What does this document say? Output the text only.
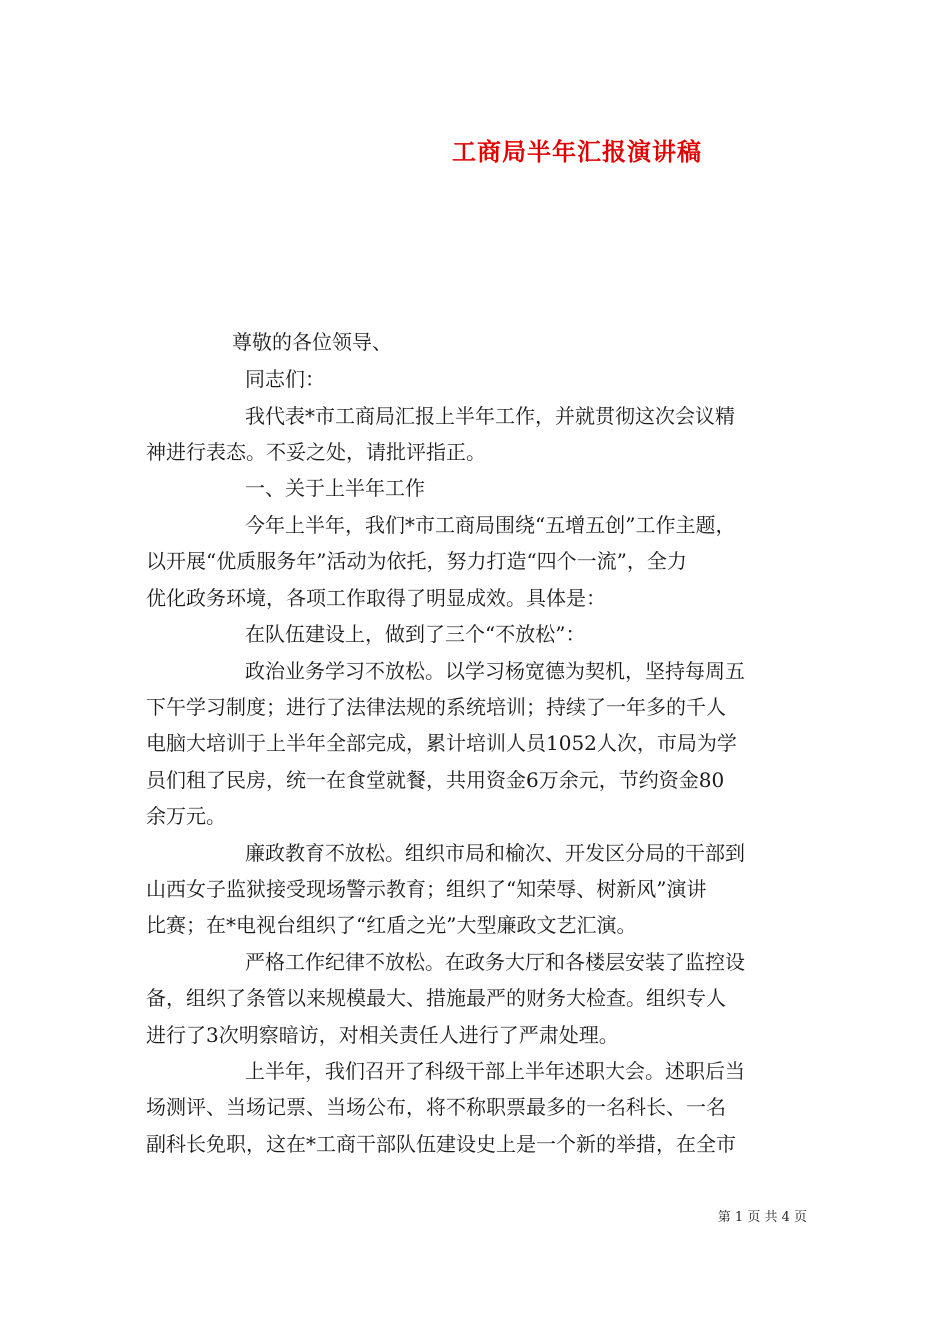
工商局半年汇报演讲稿
尊敬的各位领导、
同志们：
我代表*市工商局汇报上半年工作，并就贯彻这次会议精
神进行表态。不妥之处，请批评指正。
一、关于上半年工作
今年上半年，我们*市工商局围绕“五增五创”工作主题，
以开展“优质服务年”活动为依托，努力打造“四个一流”，全力
优化政务环境，各项工作取得了明显成效。具体是：
在队伍建设上，做到了三个“不放松”：
政治业务学习不放松。以学习杨宽德为契机，坚持每周五
下午学习制度；进行了法律法规的系统培训；持续了一年多的千人
电脑大培训于上半年全部完成，累计培训人员1052人次，市局为学
员们租了民房，统一在食堂就餐，共用资金6万余元，节约资金80
余万元。
廉政教育不放松。组织市局和榆次、开发区分局的干部到
山西女子监狱接受现场警示教育；组织了“知荣辱、树新风”演讲
比赛；在*电视台组织了“红盾之光”大型廉政文艺汇演。
严格工作纪律不放松。在政务大厅和各楼层安装了监控设
备，组织了条管以来规模最大、措施最严的财务大检查。组织专人
进行了3次明察暗访，对相关责任人进行了严肃处理。
上半年，我们召开了科级干部上半年述职大会。述职后当
场测评、当场记票、当场公布，将不称职票最多的一名科长、一名
副科长免职，这在*工商干部队伍建设史上是一个新的举措，在全市
第 1 页 共 4 页
